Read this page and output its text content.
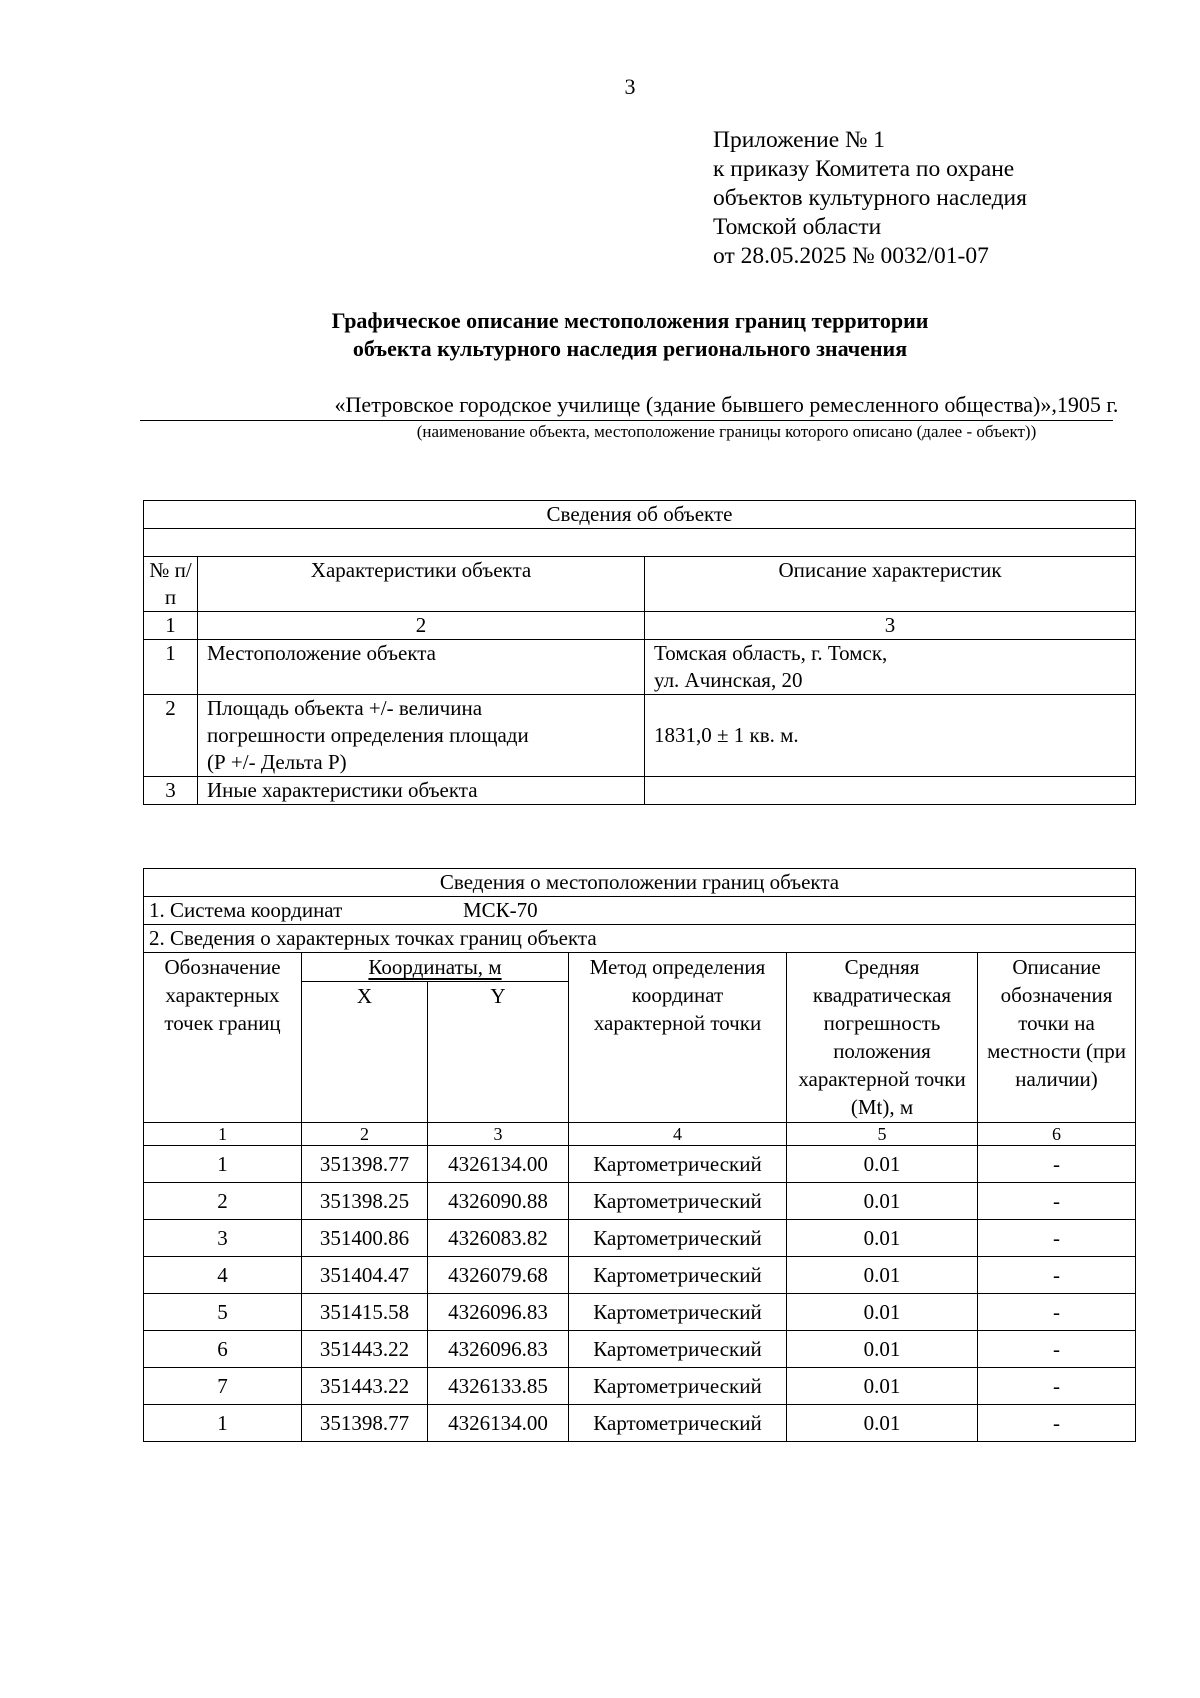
3
Приложение № 1
к приказу Комитета по охране
объектов культурного наследия
Томской области
от 28.05.2025 № 0032/01-07
Графическое описание местоположения границ территории
объекта культурного наследия регионального значения
«Петровское городское училище (здание бывшего ремесленного общества)»,1905 г.
(наименование объекта, местоположение границы которого описано (далее - объект))
Сведения об объекте		

№ п/п	Характеристики объекта	Описание характеристик
1	2	3
1	Местоположение объекта	Томская область, г. Томск,
ул. Ачинская, 20

2	Площадь объекта +/- величина
погрешности определения площади
(Р +/- Дельта Р)	1831,0 ± 1 кв. м.
3	Иные характеристики объекта	
Сведения о местоположении границ объекта					
1. Система координат МСК-70					
2. Сведения о характерных точках границ объекта					
Обозначение характерных точек границ	Координаты, м		Метод определения координат характерной точки	Средняя квадратическая погрешность положения характерной точки (Mt), м	Описание обозначения точки на местности (при наличии)
	X	Y			
1	2	3	4	5	6
1	351398.77	4326134.00	Картометрический	0.01	-
2	351398.25	4326090.88	Картометрический	0.01	-
3	351400.86	4326083.82	Картометрический	0.01	-
4	351404.47	4326079.68	Картометрический	0.01	-
5	351415.58	4326096.83	Картометрический	0.01	-
6	351443.22	4326096.83	Картометрический	0.01	-
7	351443.22	4326133.85	Картометрический	0.01	-
1	351398.77	4326134.00	Картометрический	0.01	-
